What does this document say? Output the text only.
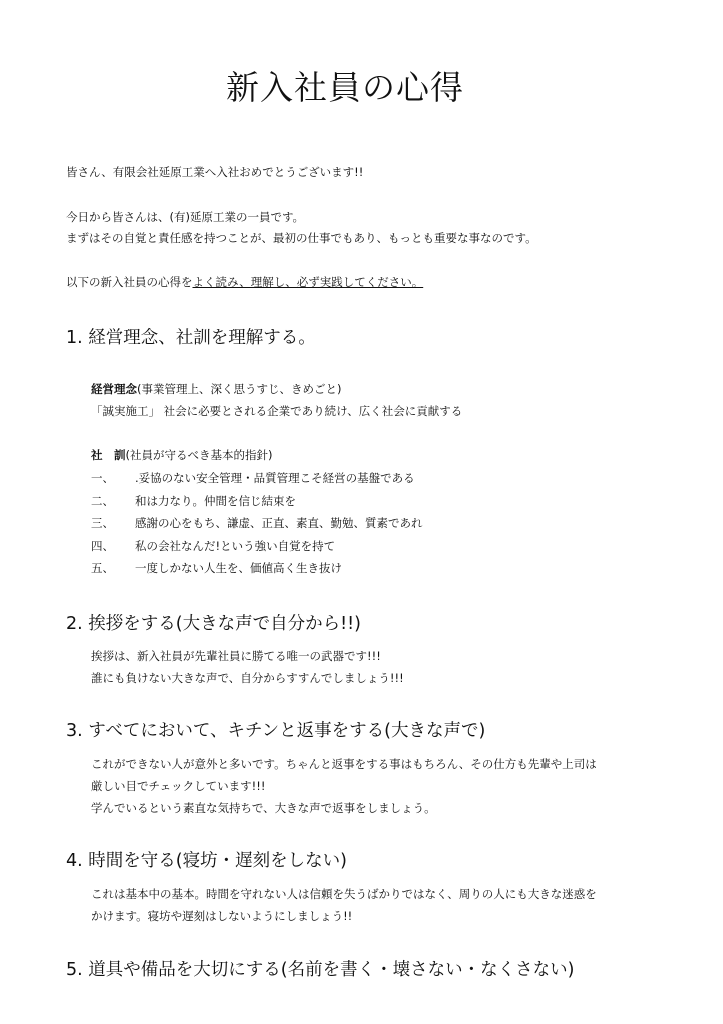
新入社員の心得

皆さん、有限会社延原工業へ入社おめでとうございます!!

今日から皆さんは、(有)延原工業の一員です。

まずはその自覚と責任感を持つことが、最初の仕事でもあり、もっとも重要な事なのです。

以下の新入社員の心得をよく読み、理解し、必ず実践してください。

1. 経営理念、社訓を理解する。

経営理念(事業管理上、深く思うすじ、きめごと)

「誠実施工」 社会に必要とされる企業であり続け、広く社会に貢献する

社　訓(社員が守るべき基本的指針)

一、 .妥協のない安全管理・品質管理こそ経営の基盤である

二、 和は力なり。仲間を信じ結束を

三、 感謝の心をもち、謙虚、正直、素直、勤勉、質素であれ

四、 私の会社なんだ!という強い自覚を持て

五、 一度しかない人生を、価値高く生き抜け

2. 挨拶をする(大きな声で自分から!!)

挨拶は、新入社員が先輩社員に勝てる唯一の武器です!!!

誰にも負けない大きな声で、自分からすすんでしましょう!!!

3. すべてにおいて、キチンと返事をする(大きな声で)

これができない人が意外と多いです。ちゃんと返事をする事はもちろん、その仕方も先輩や上司は

厳しい目でチェックしています!!!

学んでいるという素直な気持ちで、大きな声で返事をしましょう。

4. 時間を守る(寝坊・遅刻をしない)

これは基本中の基本。時間を守れない人は信頼を失うばかりではなく、周りの人にも大きな迷惑を

かけます。寝坊や遅刻はしないようにしましょう!!

5. 道具や備品を大切にする(名前を書く・壊さない・なくさない)
